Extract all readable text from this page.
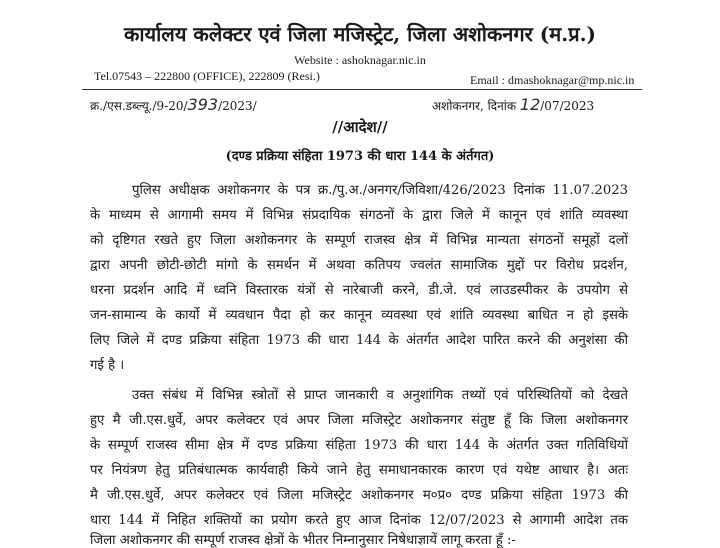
कार्यालय कलेक्टर एवं जिला मजिस्ट्रेट, जिला अशोकनगर (म.प्र.)
Website : ashoknagar.nic.in
Tel.07543 – 222800 (OFFICE), 222809 (Resi.)	Email : dmashoknagar@mp.nic.in
क्र./एस.डब्ल्यू./9-20/393/2023/	अशोकनगर, दिनांक 12/07/2023
//आदेश//
(दण्ड प्रक्रिया संहिता 1973 की धारा 144 के अंर्तगत)
पुलिस अधीक्षक अशोकनगर के पत्र क्र./पु.अ./अनगर/जिविशा/426/2023 दिनांक 11.07.2023
के माध्यम से आगामी समय में विभिन्न संप्रदायिक संगठनों के द्वारा जिले में कानून एवं शांति व्यवस्था
को दृष्टिगत रखते हुए जिला अशोकनगर के सम्पूर्ण राजस्व क्षेत्र में विभिन्न मान्यता संगठनों समूहों दलों
द्वारा अपनी छोटी-छोटी मांगो के समर्थन में अथवा कतिपय ज्वलंत सामाजिक मुद्दों पर विरोध प्रदर्शन,
धरना प्रदर्शन आदि में ध्वनि विस्तारक यंत्रों से नारेबाजी करने, डी.जे. एवं लाउडस्पीकर के उपयोग से
जन-सामान्य के कार्यो में व्यवधान पैदा हो कर कानून व्यवस्था एवं शांति व्यवस्था बाधित न हो इसके
लिए जिले में दण्ड प्रक्रिया संहिता 1973 की धारा 144 के अंतर्गत आदेश पारित करने की अनुशंसा की
गई है ।
उक्त संबंध में विभिन्न स्त्रोतों से प्राप्त जानकारी व अनुशांगिक तथ्यों एवं परिस्थितियों को देखते
हुए मै जी.एस.धुर्वे, अपर कलेक्टर एवं अपर जिला मजिस्ट्रेट अशोकनगर संतुष्ट हूँ कि जिला अशोकनगर
के सम्पूर्ण राजस्व सीमा क्षेत्र में दण्ड प्रक्रिया संहिता 1973 की धारा 144 के अंतर्गत उक्त गतिविधियों
पर नियंत्रण हेतु प्रतिबंधात्मक कार्यवाही किये जाने हेतु समाधानकारक कारण एवं यथेष्ट आधार है। अतः
मै जी.एस.धुर्वे, अपर कलेक्टर एवं जिला मजिस्ट्रेट अशोकनगर म०प्र० दण्ड प्रक्रिया संहिता 1973 की
धारा 144 में निहित शक्तियों का प्रयोग करते हुए आज दिनांक 12/07/2023 से आगामी आदेश तक
जिला अशोकनगर की सम्पूर्ण राजस्व क्षेत्रों के भीतर निम्नानुसार निषेधाज्ञायें लागू करता हूँ :-
